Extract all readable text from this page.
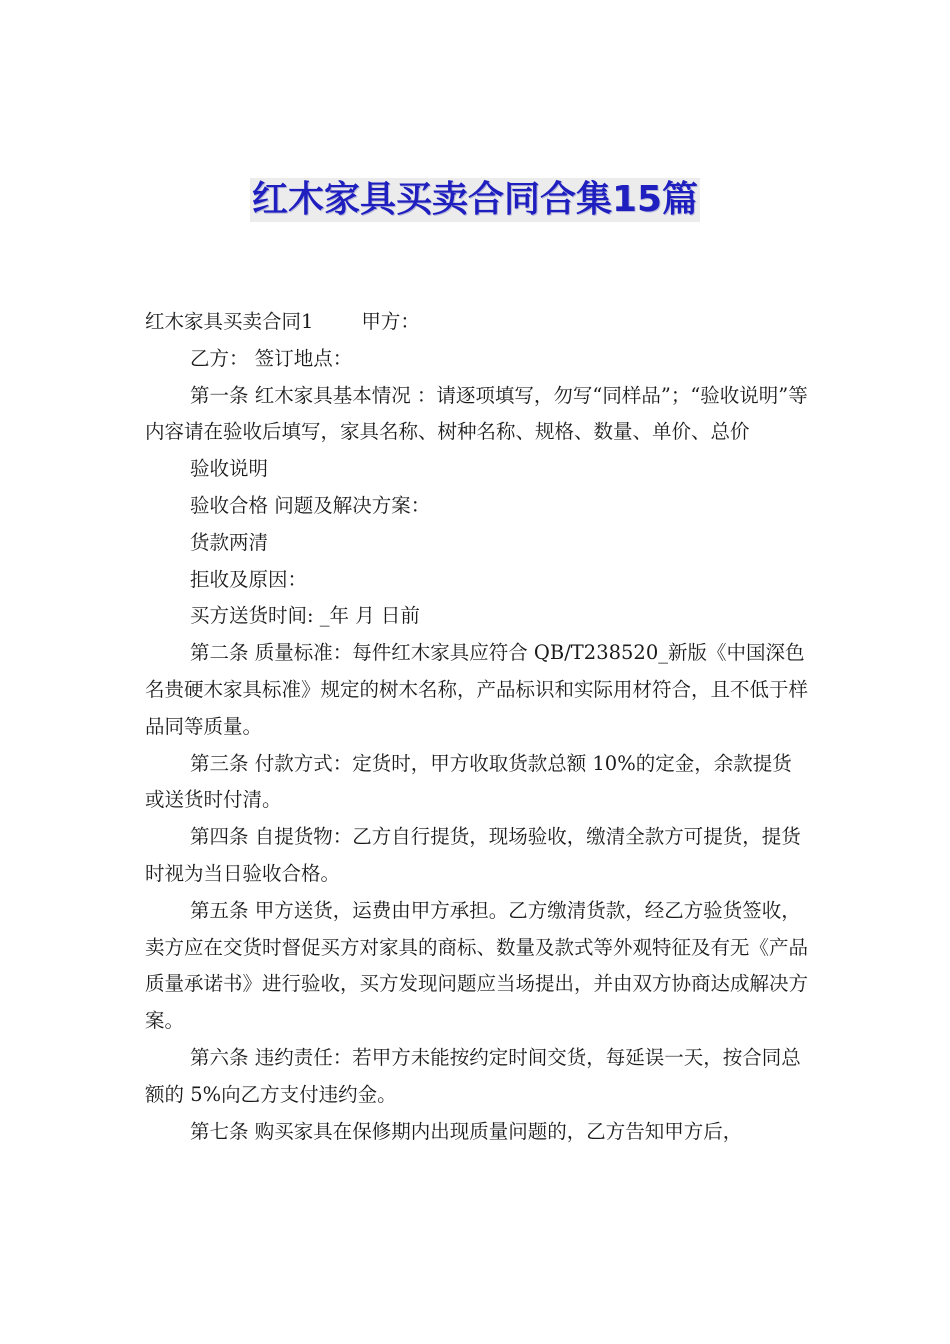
红木家具买卖合同合集15篇

红木家具买卖合同1 甲方：

乙方： 签订地点：

第一条 红木家具基本情况 ：请逐项填写，勿写“同样品”；“验收说明”等内容请在验收后填写，家具名称、树种名称、规格、数量、单价、总价

验收说明

验收合格 问题及解决方案：

货款两清

拒收及原因：

买方送货时间: _年 月 日前

第二条 质量标准：每件红木家具应符合 QB/T238520_新版《中国深色名贵硬木家具标准》规定的树木名称，产品标识和实际用材符合，且不低于样品同等质量。

第三条 付款方式：定货时，甲方收取货款总额 10%的定金，余款提货或送货时付清。

第四条 自提货物：乙方自行提货，现场验收，缴清全款方可提货，提货时视为当日验收合格。

第五条 甲方送货，运费由甲方承担。乙方缴清货款，经乙方验货签收，卖方应在交货时督促买方对家具的商标、数量及款式等外观特征及有无《产品质量承诺书》进行验收，买方发现问题应当场提出，并由双方协商达成解决方案。

第六条 违约责任：若甲方未能按约定时间交货，每延误一天，按合同总额的 5%向乙方支付违约金。

第七条 购买家具在保修期内出现质量问题的，乙方告知甲方后，
